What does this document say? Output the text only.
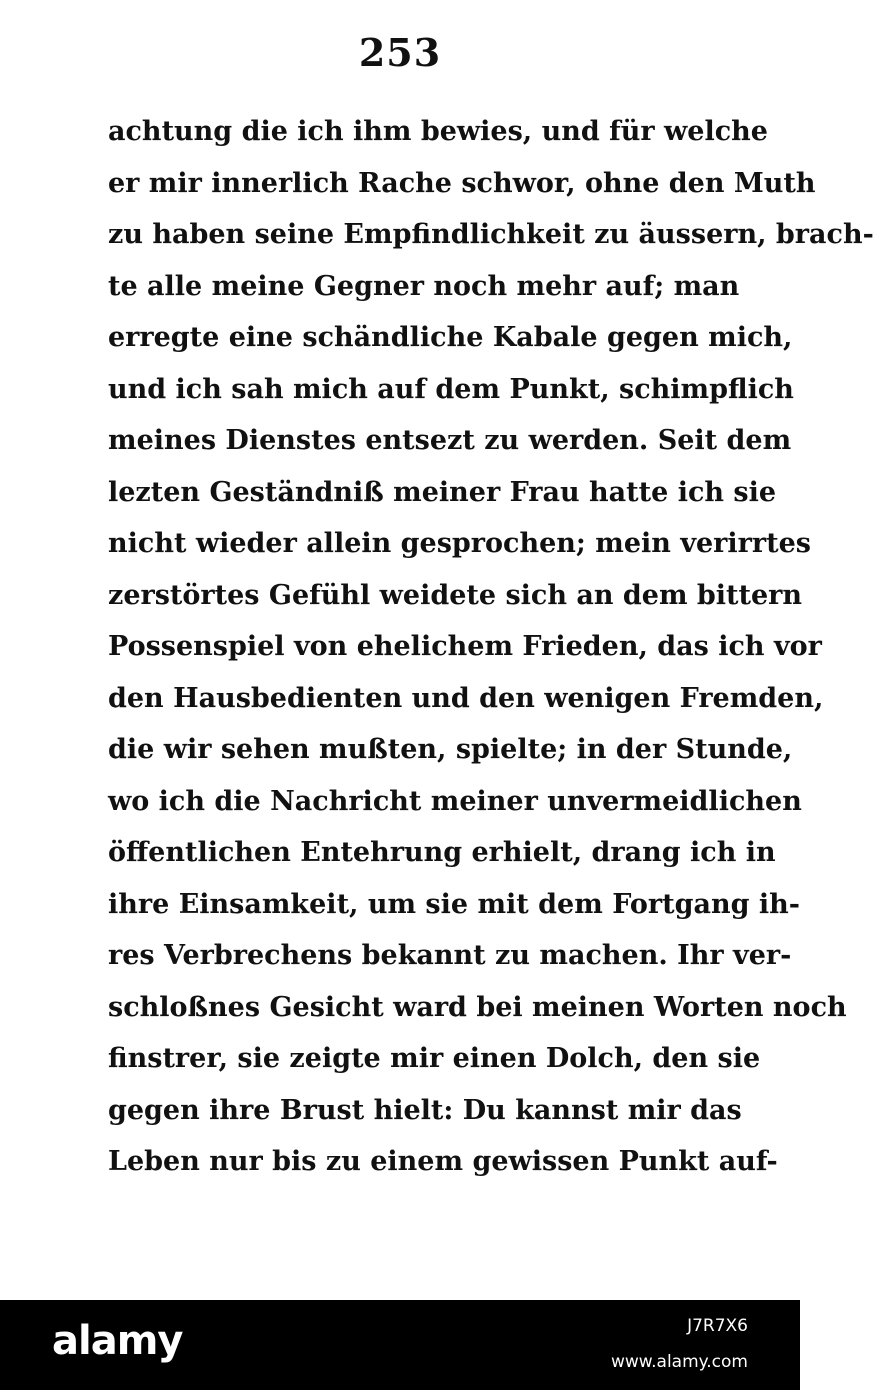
253
achtung die ich ihm bewies, und für welche
er mir innerlich Rache schwor, ohne den Muth
zu haben seine Empfindlichkeit zu äussern, brach-
te alle meine Gegner noch mehr auf; man
erregte eine schändliche Kabale gegen mich,
und ich sah mich auf dem Punkt, schimpflich
meines Dienstes entsezt zu werden. Seit dem
lezten Geständniß meiner Frau hatte ich sie
nicht wieder allein gesprochen; mein verirrtes
zerstörtes Gefühl weidete sich an dem bittern
Possenspiel von ehelichem Frieden, das ich vor
den Hausbedienten und den wenigen Fremden,
die wir sehen mußten, spielte; in der Stunde,
wo ich die Nachricht meiner unvermeidlichen
öffentlichen Entehrung erhielt, drang ich in
ihre Einsamkeit, um sie mit dem Fortgang ih-
res Verbrechens bekannt zu machen. Ihr ver-
schloßnes Gesicht ward bei meinen Worten noch
finstrer, sie zeigte mir einen Dolch, den sie
gegen ihre Brust hielt: Du kannst mir das
Leben nur bis zu einem gewissen Punkt auf-
alamy	J7R7X6
www.alamy.com
